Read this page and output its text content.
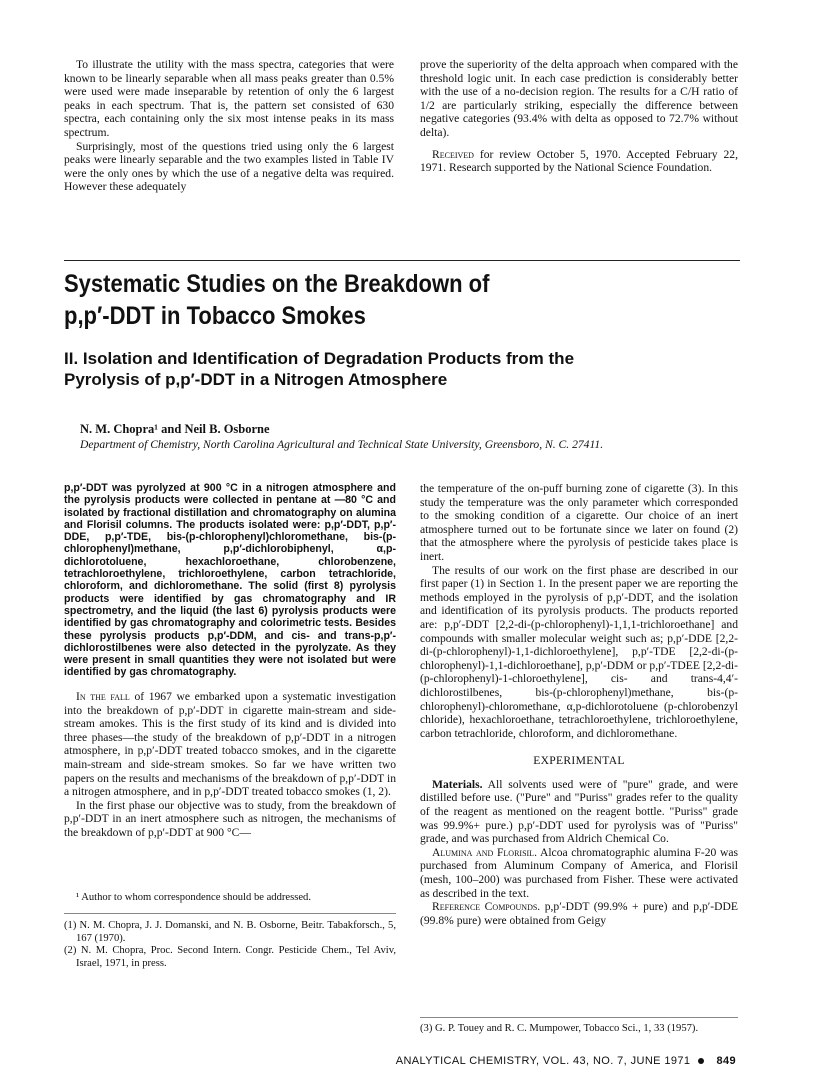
To illustrate the utility with the mass spectra, categories that were known to be linearly separable when all mass peaks greater than 0.5% were used were made inseparable by retention of only the 6 largest peaks in each spectrum. That is, the pattern set consisted of 630 spectra, each containing only the six most intense peaks in its mass spectrum.

Surprisingly, most of the questions tried using only the 6 largest peaks were linearly separable and the two examples listed in Table IV were the only ones by which the use of a negative delta was required. However these adequately

prove the superiority of the delta approach when compared with the threshold logic unit. In each case prediction is considerably better with the use of a no-decision region. The results for a C/H ratio of 1/2 are particularly striking, especially the difference between negative categories (93.4% with delta as opposed to 72.7% without delta).

Received for review October 5, 1970. Accepted February 22, 1971. Research supported by the National Science Foundation.

Systematic Studies on the Breakdown of
p,p′-DDT in Tobacco Smokes
II. Isolation and Identification of Degradation Products from the
Pyrolysis of p,p′-DDT in a Nitrogen Atmosphere
N. M. Chopra¹ and Neil B. Osborne
Department of Chemistry, North Carolina Agricultural and Technical State University, Greensboro, N. C. 27411.
p,p′-DDT was pyrolyzed at 900 °C in a nitrogen atmosphere and the pyrolysis products were collected in pentane at —80 °C and isolated by fractional distillation and chromatography on alumina and Florisil columns. The products isolated were: p,p′-DDT, p,p′-DDE, p,p′-TDE, bis-(p-chlorophenyl)chloromethane, bis-(p-chlorophenyl)methane, p,p′-dichlorobiphenyl, α,p-dichlorotoluene, hexachloroethane, chlorobenzene, tetrachloroethylene, trichloroethylene, carbon tetrachloride, chloroform, and dichloromethane. The solid (first 8) pyrolysis products were identified by gas chromatography and IR spectrometry, and the liquid (the last 6) pyrolysis products were identified by gas chromatography and colorimetric tests. Besides these pyrolysis products p,p′-DDM, and cis- and trans-p,p′-dichlorostilbenes were also detected in the pyrolyzate. As they were present in small quantities they were not isolated but were identified by gas chromatography.

In the fall of 1967 we embarked upon a systematic investigation into the breakdown of p,p′-DDT in cigarette main-stream and side-stream amokes. This is the first study of its kind and is divided into three phases—the study of the breakdown of p,p′-DDT in a nitrogen atmosphere, in p,p′-DDT treated tobacco smokes, and in the cigarette main-stream and side-stream smokes. So far we have written two papers on the results and mechanisms of the breakdown of p,p′-DDT in a nitrogen atmosphere, and in p,p′-DDT treated tobacco smokes (1, 2).

In the first phase our objective was to study, from the breakdown of p,p′-DDT in an inert atmosphere such as nitrogen, the mechanisms of the breakdown of p,p′-DDT at 900 °C—

¹ Author to whom correspondence should be addressed.

(1) N. M. Chopra, J. J. Domanski, and N. B. Osborne, Beitr. Tabakforsch., 5, 167 (1970).

(2) N. M. Chopra, Proc. Second Intern. Congr. Pesticide Chem., Tel Aviv, Israel, 1971, in press.

the temperature of the on-puff burning zone of cigarette (3). In this study the temperature was the only parameter which corresponded to the smoking condition of a cigarette. Our choice of an inert atmosphere turned out to be fortunate since we later on found (2) that the atmosphere where the pyrolysis of pesticide takes place is inert.

The results of our work on the first phase are described in our first paper (1) in Section 1. In the present paper we are reporting the methods employed in the pyrolysis of p,p′-DDT, and the isolation and identification of its pyrolysis products. The products reported are: p,p′-DDT [2,2-di-(p-chlorophenyl)-1,1,1-trichloroethane] and compounds with smaller molecular weight such as; p,p′-DDE [2,2-di-(p-chlorophenyl)-1,1-dichloroethylene], p,p′-TDE [2,2-di-(p-chlorophenyl)-1,1-dichloroethane], p,p′-DDM or p,p′-TDEE [2,2-di-(p-chlorophenyl)-1-chloroethylene], cis- and trans-4,4′-dichlorostilbenes, bis-(p-chlorophenyl)methane, bis-(p-chlorophenyl)-chloromethane, α,p-dichlorotoluene (p-chlorobenzyl chloride), hexachloroethane, tetrachloroethylene, trichloroethylene, carbon tetrachloride, chloroform, and dichloromethane.

EXPERIMENTAL

Materials. All solvents used were of "pure" grade, and were distilled before use. ("Pure" and "Puriss" grades refer to the quality of the reagent as mentioned on the reagent bottle. "Puriss" grade was 99.9%+ pure.) p,p′-DDT used for pyrolysis was of "Puriss" grade, and was purchased from Aldrich Chemical Co.

Alumina and Florisil. Alcoa chromatographic alumina F-20 was purchased from Aluminum Company of America, and Florisil (mesh, 100–200) was purchased from Fisher. These were activated as described in the text.

Reference Compounds. p,p′-DDT (99.9% + pure) and p,p′-DDE (99.8% pure) were obtained from Geigy

(3) G. P. Touey and R. C. Mumpower, Tobacco Sci., 1, 33 (1957).
ANALYTICAL CHEMISTRY, VOL. 43, NO. 7, JUNE 1971 849
